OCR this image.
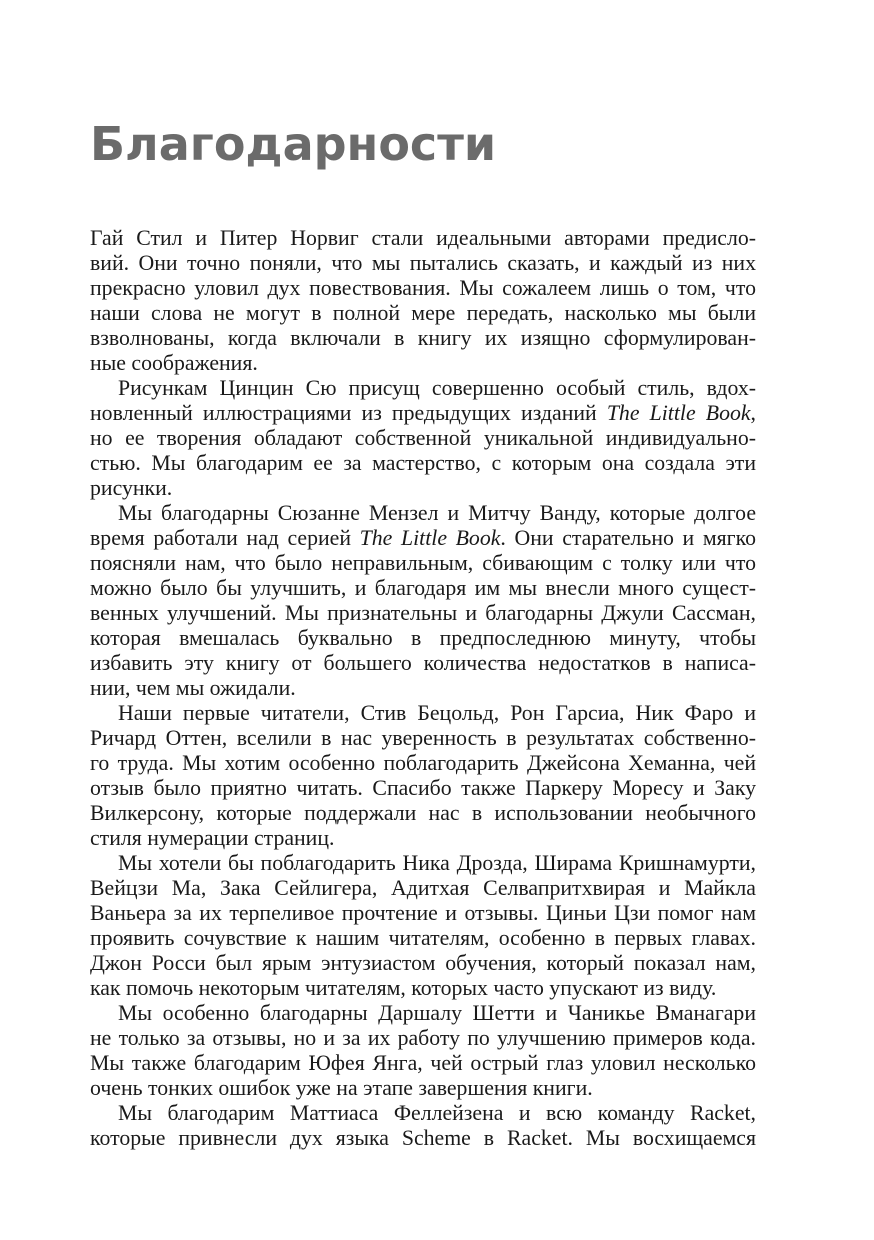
Благодарности
Гай Стил и Питер Норвиг стали идеальными авторами предисло-
вий. Они точно поняли, что мы пытались сказать, и каждый из них
прекрасно уловил дух повествования. Мы сожалеем лишь о том, что
наши слова не могут в полной мере передать, насколько мы были
взволнованы, когда включали в книгу их изящно сформулирован-
ные соображения.
Рисункам Цинцин Сю присущ совершенно особый стиль, вдох-
новленный иллюстрациями из предыдущих изданий The Little Book,
но ее творения обладают собственной уникальной индивидуально-
стью. Мы благодарим ее за мастерство, с которым она создала эти
рисунки.
Мы благодарны Сюзанне Мензел и Митчу Ванду, которые долгое
время работали над серией The Little Book. Они старательно и мягко
поясняли нам, что было неправильным, сбивающим с толку или что
можно было бы улучшить, и благодаря им мы внесли много сущест-
венных улучшений. Мы признательны и благодарны Джули Сассман,
которая вмешалась буквально в предпоследнюю минуту, чтобы
избавить эту книгу от большего количества недостатков в написа-
нии, чем мы ожидали.
Наши первые читатели, Стив Бецольд, Рон Гарсиа, Ник Фаро и
Ричард Оттен, вселили в нас уверенность в результатах собственно-
го труда. Мы хотим особенно поблагодарить Джейсона Хеманна, чей
отзыв было приятно читать. Спасибо также Паркеру Моресу и Заку
Вилкерсону, которые поддержали нас в использовании необычного
стиля нумерации страниц.
Мы хотели бы поблагодарить Ника Дрозда, Ширама Кришнамурти,
Вейцзи Ма, Зака Сейлигера, Адитхая Селвапритхвирая и Майкла
Ваньера за их терпеливое прочтение и отзывы. Циньи Цзи помог нам
проявить сочувствие к нашим читателям, особенно в первых главах.
Джон Росси был ярым энтузиастом обучения, который показал нам,
как помочь некоторым читателям, которых часто упускают из виду.
Мы особенно благодарны Даршалу Шетти и Чаникье Вманагари
не только за отзывы, но и за их работу по улучшению примеров кода.
Мы также благодарим Юфея Янга, чей острый глаз уловил несколько
очень тонких ошибок уже на этапе завершения книги.
Мы благодарим Маттиаса Феллейзена и всю команду Racket,
которые привнесли дух языка Scheme в Racket. Мы восхищаемся
